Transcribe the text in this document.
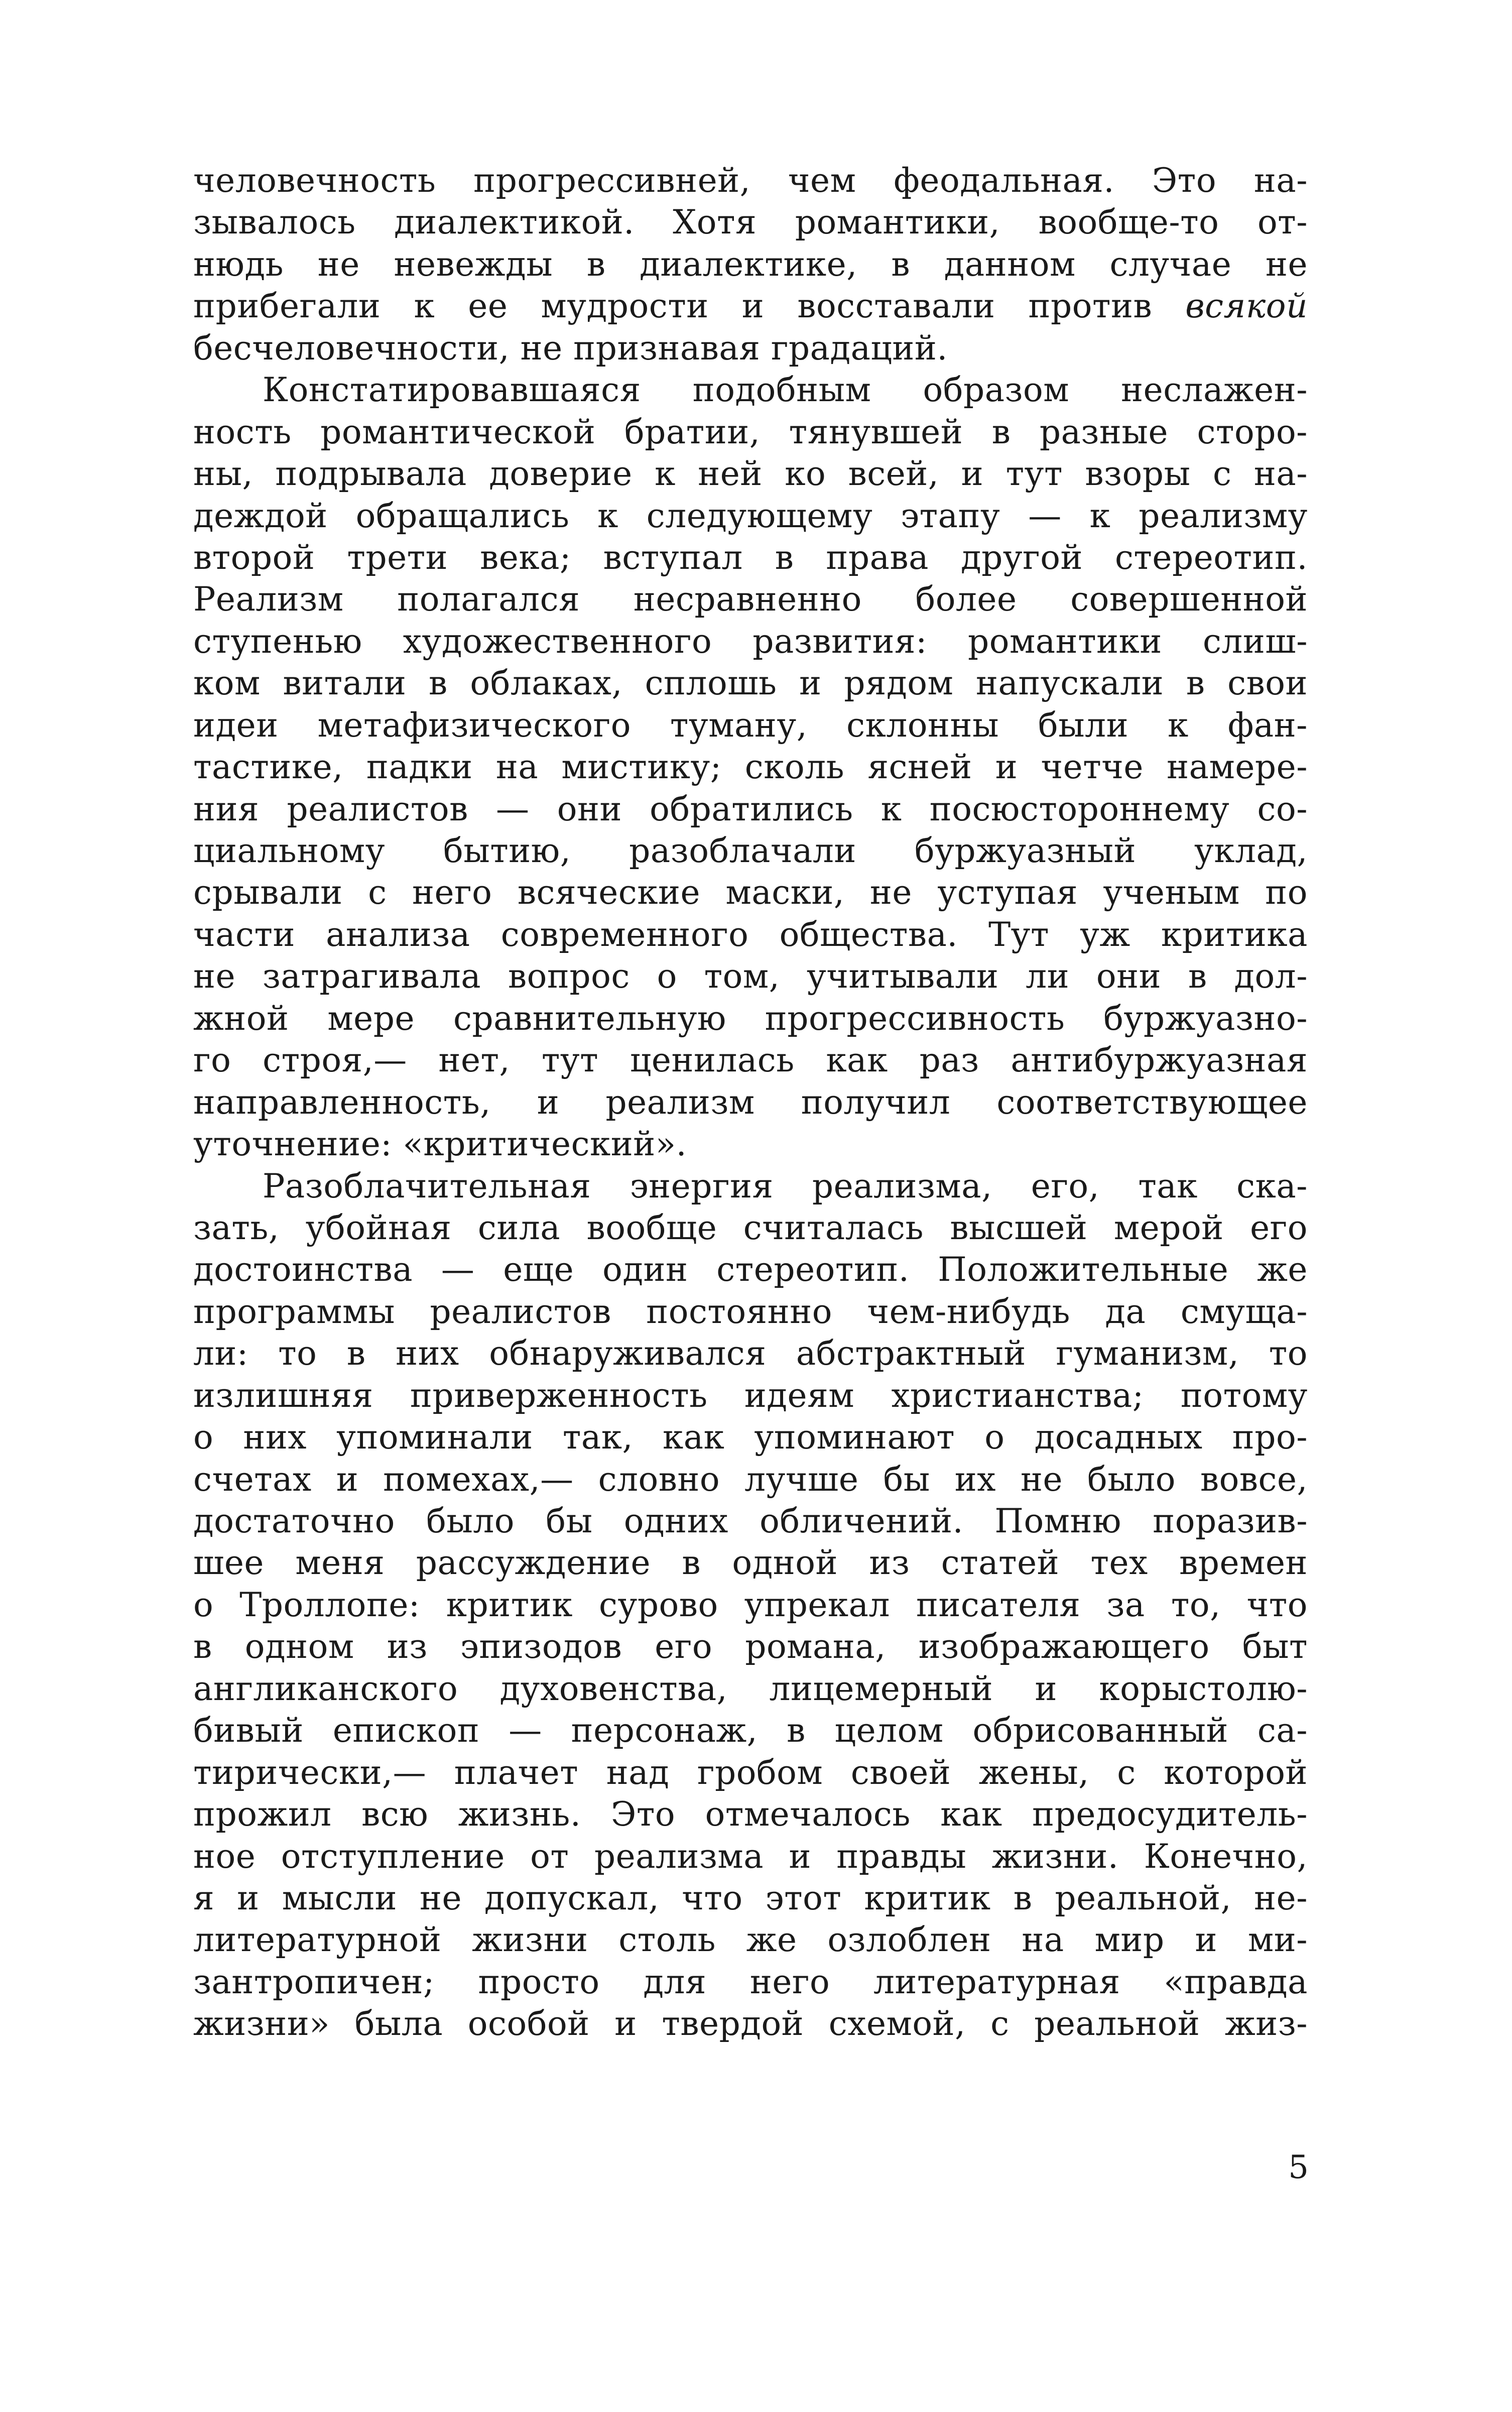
человечность прогрессивней, чем феодальная. Это на-
зывалось диалектикой. Хотя романтики, вообще-то от-
нюдь не невежды в диалектике, в данном случае не
прибегали к ее мудрости и восставали против всякой
бесчеловечности, не признавая градаций.
Констатировавшаяся подобным образом неслажен-
ность романтической братии, тянувшей в разные сторо-
ны, подрывала доверие к ней ко всей, и тут взоры с на-
деждой обращались к следующему этапу — к реализму
второй трети века; вступал в права другой стереотип.
Реализм полагался несравненно более совершенной
ступенью художественного развития: романтики слиш-
ком витали в облаках, сплошь и рядом напускали в свои
идеи метафизического туману, склонны были к фан-
тастике, падки на мистику; сколь ясней и четче намере-
ния реалистов — они обратились к посюстороннему со-
циальному бытию, разоблачали буржуазный уклад,
срывали с него всяческие маски, не уступая ученым по
части анализа современного общества. Тут уж критика
не затрагивала вопрос о том, учитывали ли они в дол-
жной мере сравнительную прогрессивность буржуазно-
го строя,— нет, тут ценилась как раз антибуржуазная
направленность, и реализм получил соответствующее
уточнение: «критический».
Разоблачительная энергия реализма, его, так ска-
зать, убойная сила вообще считалась высшей мерой его
достоинства — еще один стереотип. Положительные же
программы реалистов постоянно чем-нибудь да смуща-
ли: то в них обнаруживался абстрактный гуманизм, то
излишняя приверженность идеям христианства; потому
о них упоминали так, как упоминают о досадных про-
счетах и помехах,— словно лучше бы их не было вовсе,
достаточно было бы одних обличений. Помню поразив-
шее меня рассуждение в одной из статей тех времен
о Троллопе: критик сурово упрекал писателя за то, что
в одном из эпизодов его романа, изображающего быт
англиканского духовенства, лицемерный и корыстолю-
бивый епископ — персонаж, в целом обрисованный са-
тирически,— плачет над гробом своей жены, с которой
прожил всю жизнь. Это отмечалось как предосудитель-
ное отступление от реализма и правды жизни. Конечно,
я и мысли не допускал, что этот критик в реальной, не-
литературной жизни столь же озлоблен на мир и ми-
зантропичен; просто для него литературная «правда
жизни» была особой и твердой схемой, с реальной жиз-
5
